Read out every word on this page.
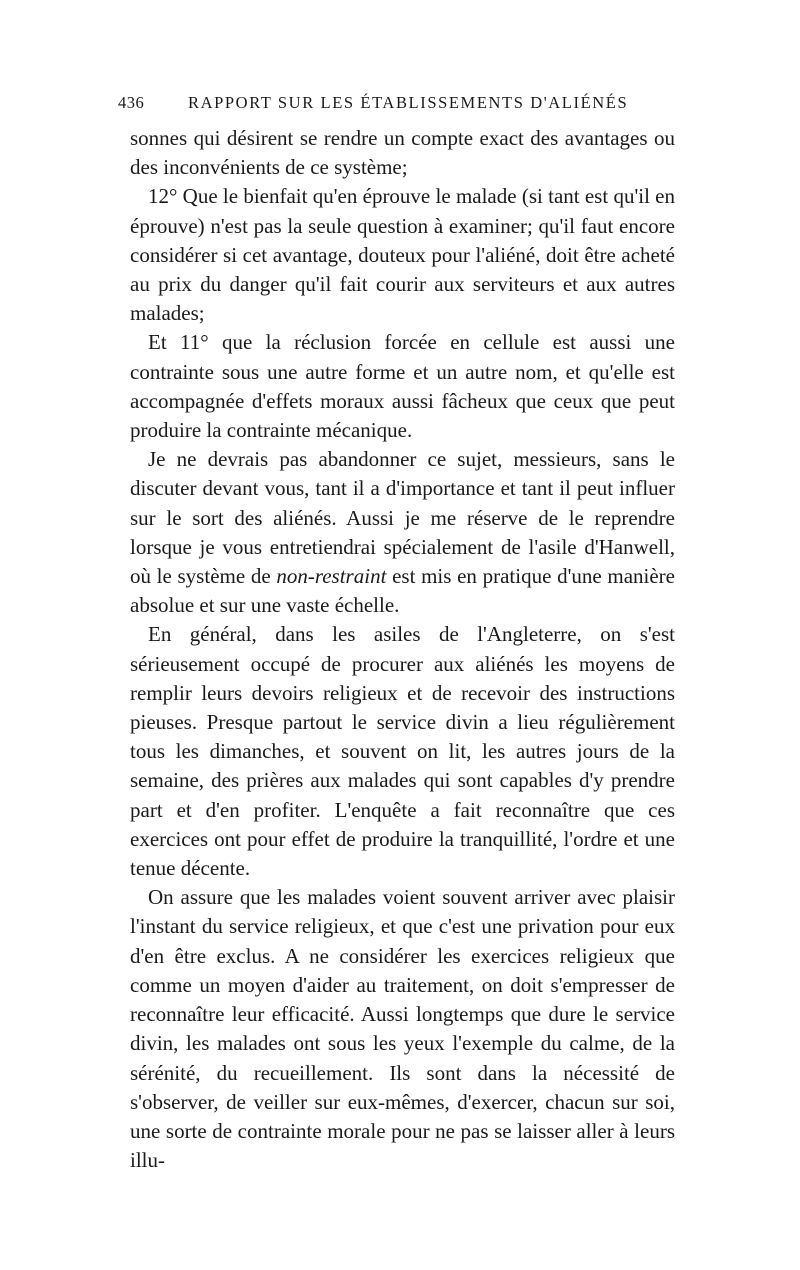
436	RAPPORT SUR LES ÉTABLISSEMENTS D'ALIÉNÉS

sonnes qui désirent se rendre un compte exact des avantages ou des inconvénients de ce système;

12° Que le bienfait qu'en éprouve le malade (si tant est qu'il en éprouve) n'est pas la seule question à examiner; qu'il faut encore considérer si cet avantage, douteux pour l'aliéné, doit être acheté au prix du danger qu'il fait courir aux serviteurs et aux autres malades;

Et 11° que la réclusion forcée en cellule est aussi une contrainte sous une autre forme et un autre nom, et qu'elle est accompagnée d'effets moraux aussi fâcheux que ceux que peut produire la contrainte mécanique.

Je ne devrais pas abandonner ce sujet, messieurs, sans le discuter devant vous, tant il a d'importance et tant il peut influer sur le sort des aliénés. Aussi je me réserve de le reprendre lorsque je vous entretiendrai spécialement de l'asile d'Hanwell, où le système de non-restraint est mis en pratique d'une manière absolue et sur une vaste échelle.

En général, dans les asiles de l'Angleterre, on s'est sérieusement occupé de procurer aux aliénés les moyens de remplir leurs devoirs religieux et de recevoir des instructions pieuses. Presque partout le service divin a lieu régulièrement tous les dimanches, et souvent on lit, les autres jours de la semaine, des prières aux malades qui sont capables d'y prendre part et d'en profiter. L'enquête a fait reconnaître que ces exercices ont pour effet de produire la tranquillité, l'ordre et une tenue décente.

On assure que les malades voient souvent arriver avec plaisir l'instant du service religieux, et que c'est une privation pour eux d'en être exclus. A ne considérer les exercices religieux que comme un moyen d'aider au traitement, on doit s'empresser de reconnaître leur efficacité. Aussi longtemps que dure le service divin, les malades ont sous les yeux l'exemple du calme, de la sérénité, du recueillement. Ils sont dans la nécessité de s'observer, de veiller sur eux-mêmes, d'exercer, chacun sur soi, une sorte de contrainte morale pour ne pas se laisser aller à leurs illu-
